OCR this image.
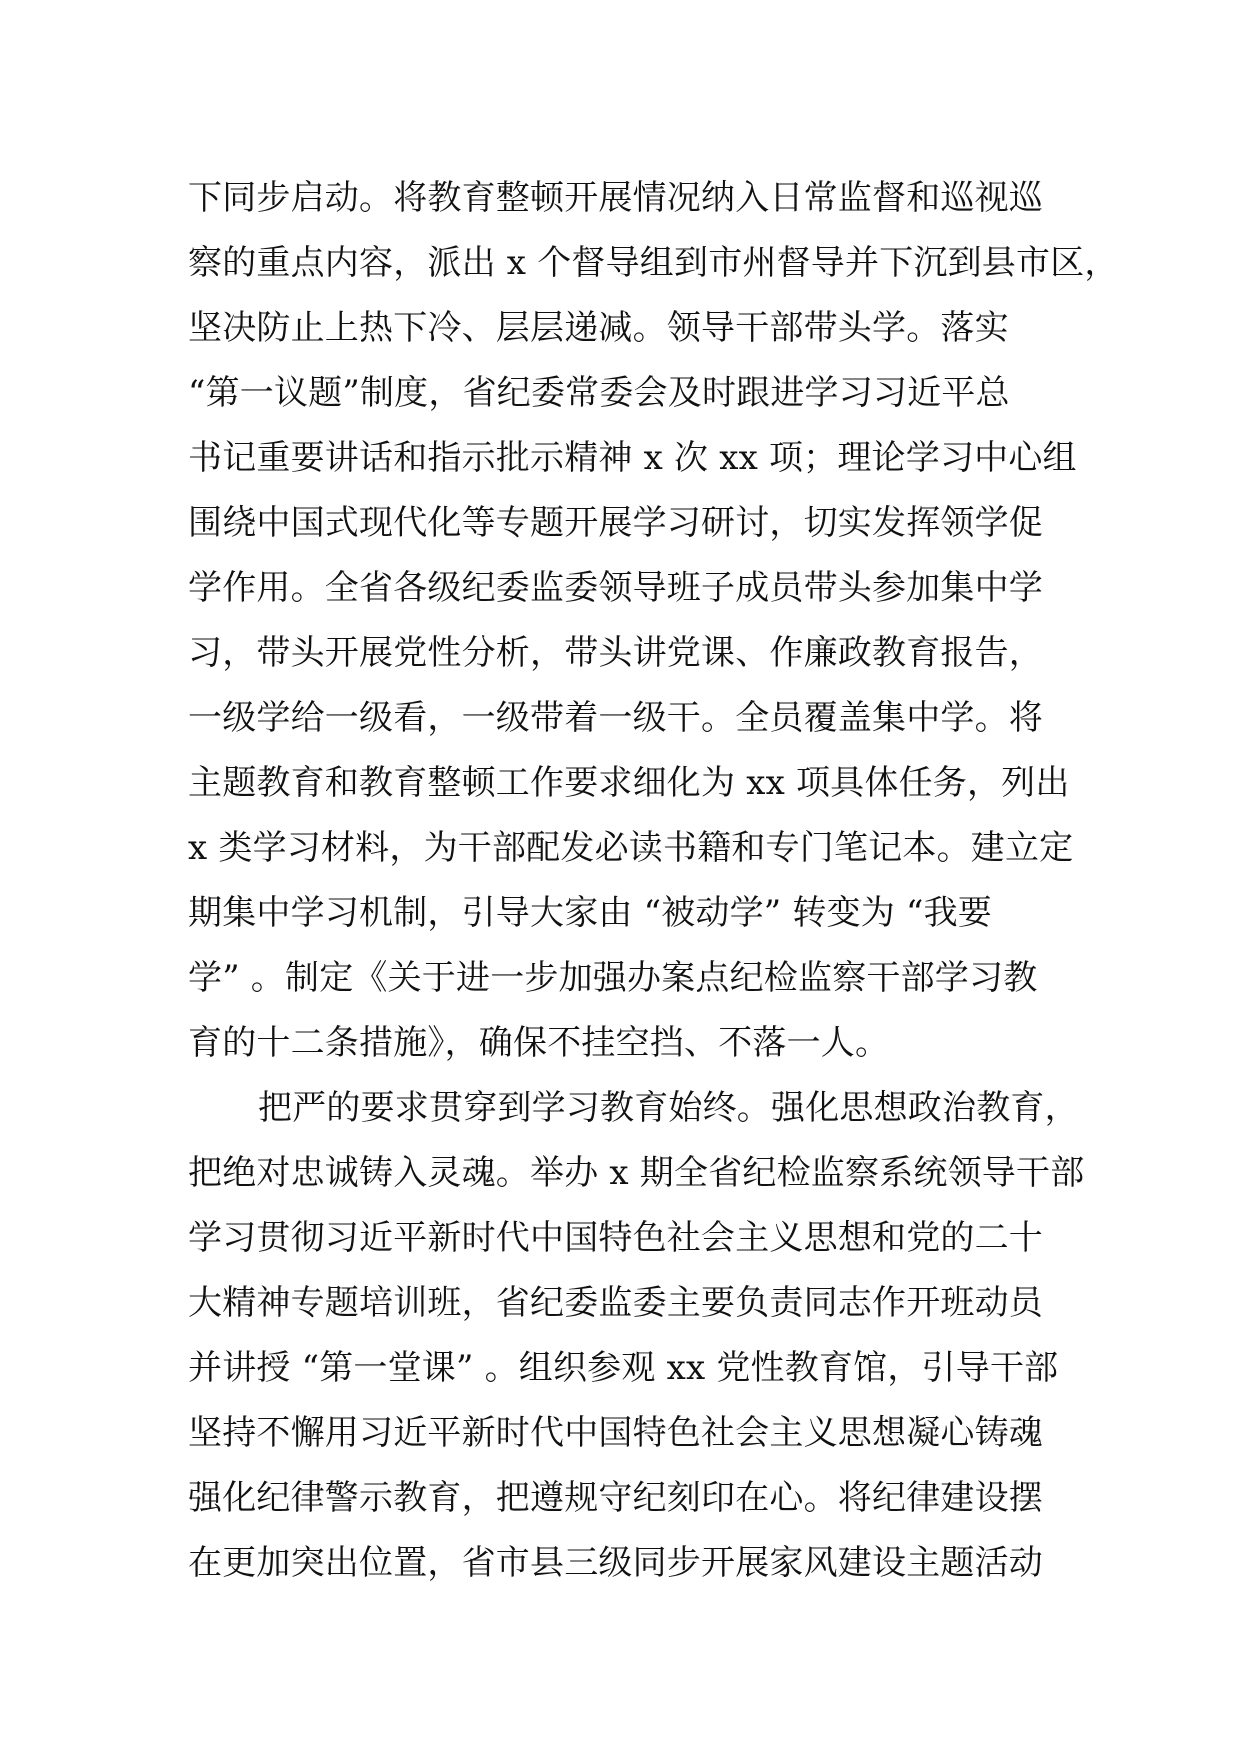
下同步启动。将教育整顿开展情况纳入日常监督和巡视巡
察的重点内容，派出 x 个督导组到市州督导并下沉到县市区，
坚决防止上热下冷、层层递减。领导干部带头学。落实
“第一议题”制度，省纪委常委会及时跟进学习习近平总
书记重要讲话和指示批示精神 x 次 xx 项；理论学习中心组
围绕中国式现代化等专题开展学习研讨，切实发挥领学促
学作用。全省各级纪委监委领导班子成员带头参加集中学
习，带头开展党性分析，带头讲党课、作廉政教育报告，
一级学给一级看，一级带着一级干。全员覆盖集中学。将
主题教育和教育整顿工作要求细化为 xx 项具体任务，列出
x 类学习材料，为干部配发必读书籍和专门笔记本。建立定
期集中学习机制，引导大家由 “被动学” 转变为 “我要
学” 。制定《关于进一步加强办案点纪检监察干部学习教
育的十二条措施》，确保不挂空挡、不落一人。
把严的要求贯穿到学习教育始终。强化思想政治教育，
把绝对忠诚铸入灵魂。举办 x 期全省纪检监察系统领导干部
学习贯彻习近平新时代中国特色社会主义思想和党的二十
大精神专题培训班，省纪委监委主要负责同志作开班动员
并讲授 “第一堂课” 。组织参观 xx 党性教育馆，引导干部
坚持不懈用习近平新时代中国特色社会主义思想凝心铸魂
强化纪律警示教育，把遵规守纪刻印在心。将纪律建设摆
在更加突出位置，省市县三级同步开展家风建设主题活动
